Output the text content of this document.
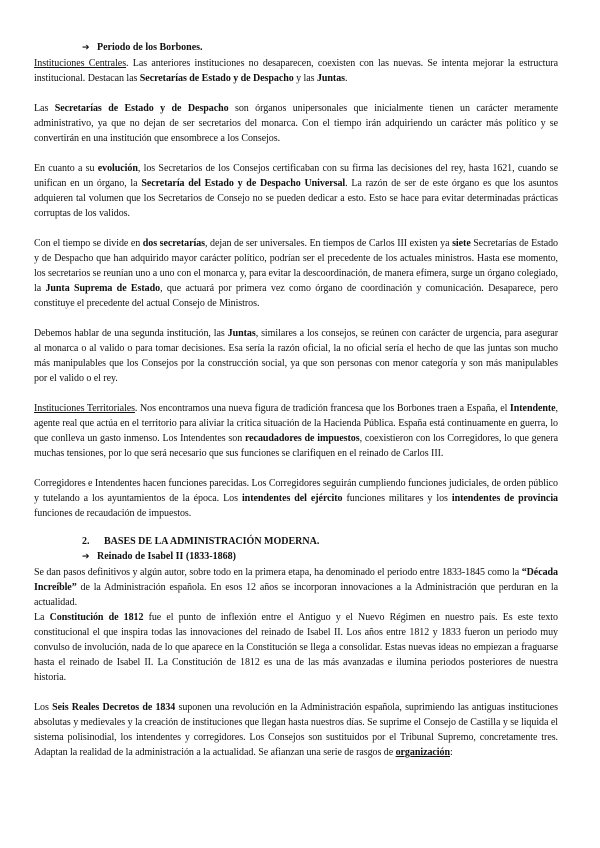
➔ Periodo de los Borbones.

Instituciones Centrales. Las anteriores instituciones no desaparecen, coexisten con las nuevas. Se intenta mejorar la estructura institucional. Destacan las Secretarías de Estado y de Despacho y las Juntas.

Las Secretarías de Estado y de Despacho son órganos unipersonales que inicialmente tienen un carácter meramente administrativo, ya que no dejan de ser secretarios del monarca. Con el tiempo irán adquiriendo un carácter más político y se convertirán en una institución que ensombrece a los Consejos.

En cuanto a su evolución, los Secretarios de los Consejos certificaban con su firma las decisiones del rey, hasta 1621, cuando se unifican en un órgano, la Secretaría del Estado y de Despacho Universal. La razón de ser de este órgano es que los asuntos adquieren tal volumen que los Secretarios de Consejo no se pueden dedicar a esto. Esto se hace para evitar determinadas prácticas corruptas de los validos.

Con el tiempo se divide en dos secretarías, dejan de ser universales. En tiempos de Carlos III existen ya siete Secretarías de Estado y de Despacho que han adquirido mayor carácter político, podrían ser el precedente de los actuales ministros. Hasta ese momento, los secretarios se reunían uno a uno con el monarca y, para evitar la descoordinación, de manera efímera, surge un órgano colegiado, la Junta Suprema de Estado, que actuará por primera vez como órgano de coordinación y comunicación. Desaparece, pero constituye el precedente del actual Consejo de Ministros.

Debemos hablar de una segunda institución, las Juntas, similares a los consejos, se reúnen con carácter de urgencia, para asegurar al monarca o al valido o para tomar decisiones. Esa sería la razón oficial, la no oficial sería el hecho de que las juntas son mucho más manipulables que los Consejos por la construcción social, ya que son personas con menor categoría y son más manipulables por el valido o el rey.

Instituciones Territoriales. Nos encontramos una nueva figura de tradición francesa que los Borbones traen a España, el Intendente, agente real que actúa en el territorio para aliviar la crítica situación de la Hacienda Pública. España está continuamente en guerra, lo que conlleva un gasto inmenso. Los Intendentes son recaudadores de impuestos, coexistieron con los Corregidores, lo que genera muchas tensiones, por lo que será necesario que sus funciones se clarifiquen en el reinado de Carlos III.

Corregidores e Intendentes hacen funciones parecidas. Los Corregidores seguirán cumpliendo funciones judiciales, de orden público y tutelando a los ayuntamientos de la época. Los intendentes del ejército funciones militares y los intendentes de provincia funciones de recaudación de impuestos.

2. BASES DE LA ADMINISTRACIÓN MODERNA.
➔ Reinado de Isabel II (1833-1868)

Se dan pasos definitivos y algún autor, sobre todo en la primera etapa, ha denominado el periodo entre 1833-1845 como la “Década Increíble” de la Administración española. En esos 12 años se incorporan innovaciones a la Administración que perduran en la actualidad.

La Constitución de 1812 fue el punto de inflexión entre el Antiguo y el Nuevo Régimen en nuestro país. Es este texto constitucional el que inspira todas las innovaciones del reinado de Isabel II. Los años entre 1812 y 1833 fueron un periodo muy convulso de involución, nada de lo que aparece en la Constitución se llega a consolidar. Estas nuevas ideas no empiezan a fraguarse hasta el reinado de Isabel II. La Constitución de 1812 es una de las más avanzadas e ilumina periodos posteriores de nuestra historia.

Los Seis Reales Decretos de 1834 suponen una revolución en la Administración española, suprimiendo las antiguas instituciones absolutas y medievales y la creación de instituciones que llegan hasta nuestros días. Se suprime el Consejo de Castilla y se liquida el sistema polisinodial, los intendentes y corregidores. Los Consejos son sustituidos por el Tribunal Supremo, concretamente tres. Adaptan la realidad de la administración a la actualidad. Se afianzan una serie de rasgos de organización:
